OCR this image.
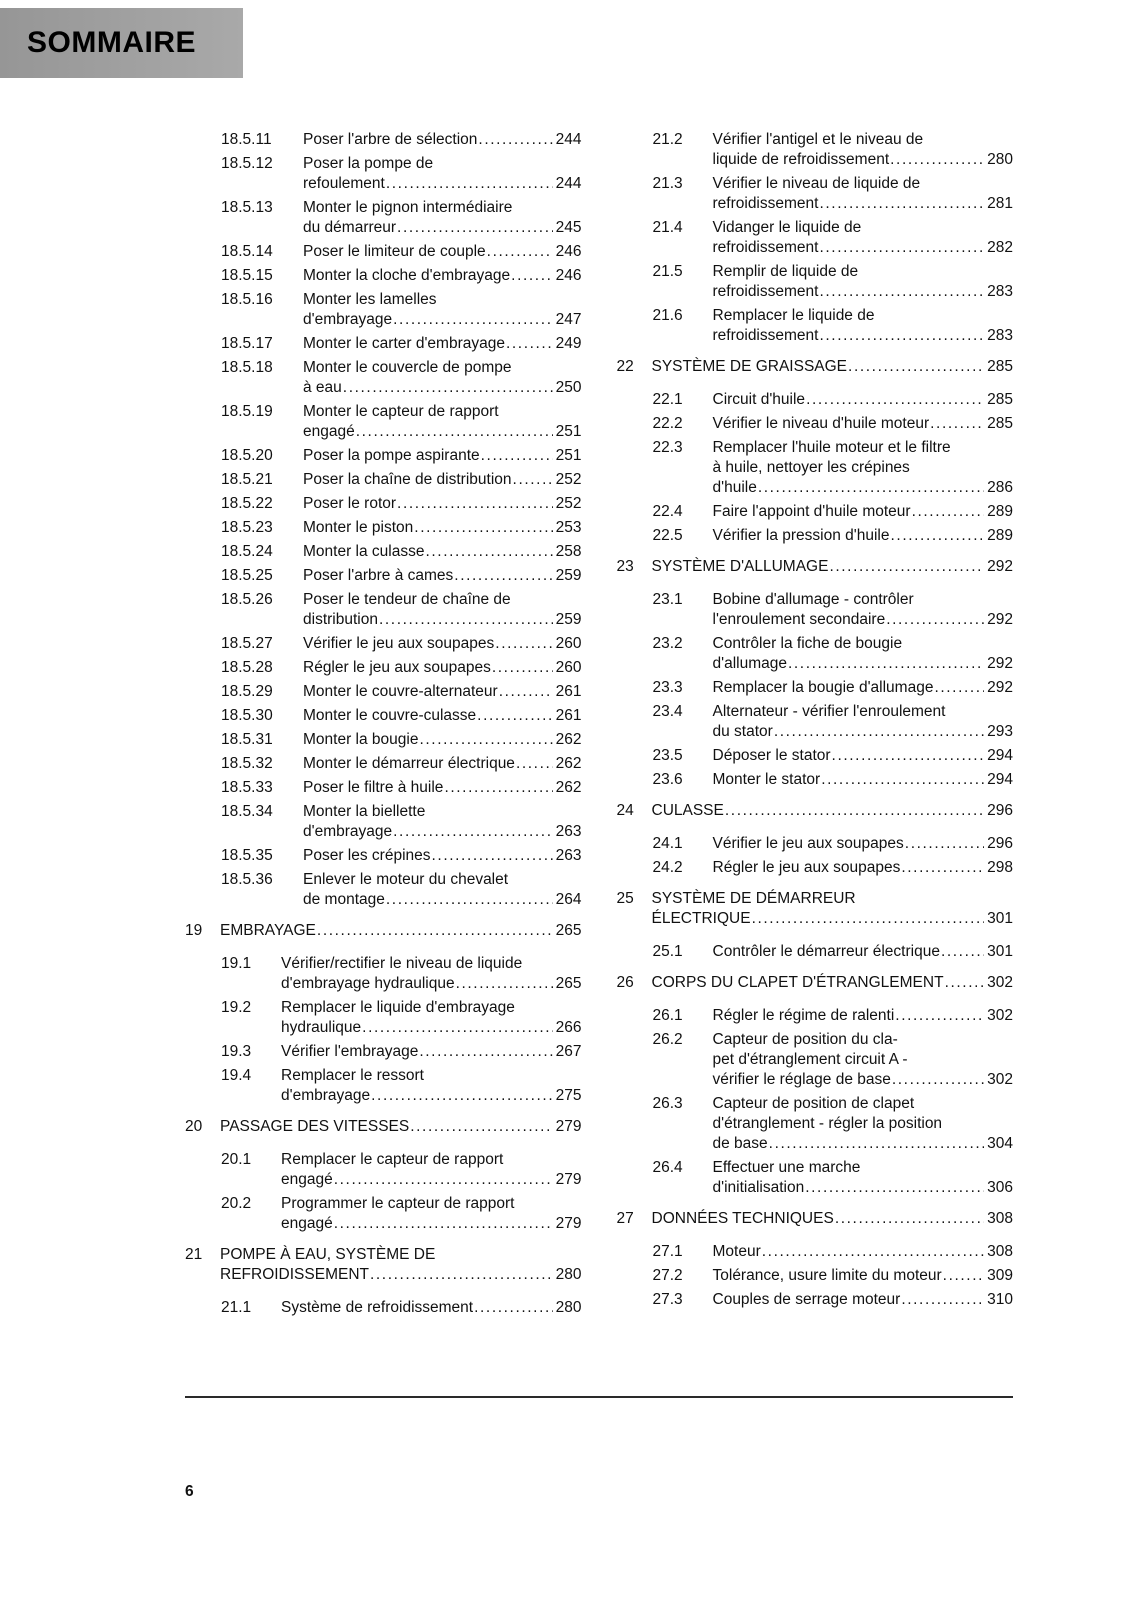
SOMMAIRE
18.5.11	Poser l'arbre de sélection .....	244
18.5.12	Poser la pompe de
refoulement .....	244
18.5.13	Monter le pignon intermédiaire
du démarreur .....	245
18.5.14	Poser le limiteur de couple .....	246
18.5.15	Monter la cloche d'embrayage .....	246
18.5.16	Monter les lamelles
d'embrayage .....	247
18.5.17	Monter le carter d'embrayage .....	249
18.5.18	Monter le couvercle de pompe
à eau .....	250
18.5.19	Monter le capteur de rapport
engagé .....	251
18.5.20	Poser la pompe aspirante .....	251
18.5.21	Poser la chaîne de distribution .....	252
18.5.22	Poser le rotor .....	252
18.5.23	Monter le piston .....	253
18.5.24	Monter la culasse .....	258
18.5.25	Poser l'arbre à cames .....	259
18.5.26	Poser le tendeur de chaîne de
distribution .....	259
18.5.27	Vérifier le jeu aux soupapes .....	260
18.5.28	Régler le jeu aux soupapes .....	260
18.5.29	Monter le couvre-alternateur .....	261
18.5.30	Monter le couvre-culasse .....	261
18.5.31	Monter la bougie .....	262
18.5.32	Monter le démarreur électrique .....	262
18.5.33	Poser le filtre à huile .....	262
18.5.34	Monter la biellette
d'embrayage .....	263
18.5.35	Poser les crépines .....	263
18.5.36	Enlever le moteur du chevalet
de montage .....	264
19	EMBRAYAGE .....	265
19.1	Vérifier/rectifier le niveau de liquide
d'embrayage hydraulique .....	265
19.2	Remplacer le liquide d'embrayage
hydraulique .....	266
19.3	Vérifier l'embrayage .....	267
19.4	Remplacer le ressort
d'embrayage .....	275
20	PASSAGE DES VITESSES .....	279
20.1	Remplacer le capteur de rapport
engagé .....	279
20.2	Programmer le capteur de rapport
engagé .....	279
21	POMPE À EAU, SYSTÈME DE
REFROIDISSEMENT .....	280
21.1	Système de refroidissement .....	280
21.2	Vérifier l'antigel et le niveau de
liquide de refroidissement .....	280
21.3	Vérifier le niveau de liquide de
refroidissement .....	281
21.4	Vidanger le liquide de
refroidissement .....	282
21.5	Remplir de liquide de
refroidissement .....	283
21.6	Remplacer le liquide de
refroidissement .....	283
22	SYSTÈME DE GRAISSAGE .....	285
22.1	Circuit d'huile .....	285
22.2	Vérifier le niveau d'huile moteur .....	285
22.3	Remplacer l'huile moteur et le filtre
à huile, nettoyer les crépines
d'huile .....	286
22.4	Faire l'appoint d'huile moteur .....	289
22.5	Vérifier la pression d'huile .....	289
23	SYSTÈME D'ALLUMAGE .....	292
23.1	Bobine d'allumage - contrôler
l'enroulement secondaire .....	292
23.2	Contrôler la fiche de bougie
d'allumage .....	292
23.3	Remplacer la bougie d'allumage .....	292
23.4	Alternateur - vérifier l'enroulement
du stator .....	293
23.5	Déposer le stator .....	294
23.6	Monter le stator .....	294
24	CULASSE .....	296
24.1	Vérifier le jeu aux soupapes .....	296
24.2	Régler le jeu aux soupapes .....	298
25	SYSTÈME DE DÉMARREUR
ÉLECTRIQUE .....	301
25.1	Contrôler le démarreur électrique .....	301
26	CORPS DU CLAPET D'ÉTRANGLEMENT .....	302
26.1	Régler le régime de ralenti .....	302
26.2	Capteur de position du cla-
pet d'étranglement circuit A -
vérifier le réglage de base .....	302
26.3	Capteur de position de clapet
d'étranglement - régler la position
de base .....	304
26.4	Effectuer une marche
d'initialisation .....	306
27	DONNÉES TECHNIQUES .....	308
27.1	Moteur .....	308
27.2	Tolérance, usure limite du moteur .....	309
27.3	Couples de serrage moteur .....	310
6
